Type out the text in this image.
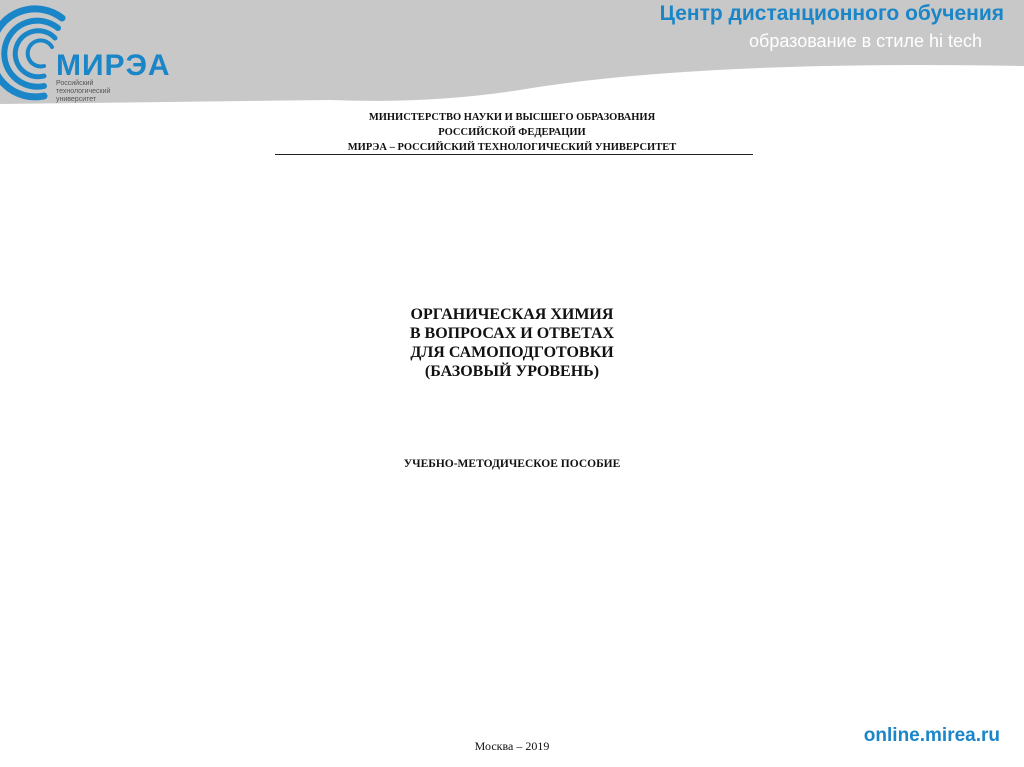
МИРЭА
Российский
технологический
университет
Центр дистанционного обучения
образование в стиле hi tech
МИНИСТЕРСТВО НАУКИ И ВЫСШЕГО ОБРАЗОВАНИЯ
РОССИЙСКОЙ ФЕДЕРАЦИИ
МИРЭА – РОССИЙСКИЙ ТЕХНОЛОГИЧЕСКИЙ УНИВЕРСИТЕТ
ОРГАНИЧЕСКАЯ ХИМИЯ
В ВОПРОСАХ И ОТВЕТАХ
ДЛЯ САМОПОДГОТОВКИ
(БАЗОВЫЙ УРОВЕНЬ)
УЧЕБНО-МЕТОДИЧЕСКОЕ ПОСОБИЕ
Москва – 2019	online.mirea.ru
